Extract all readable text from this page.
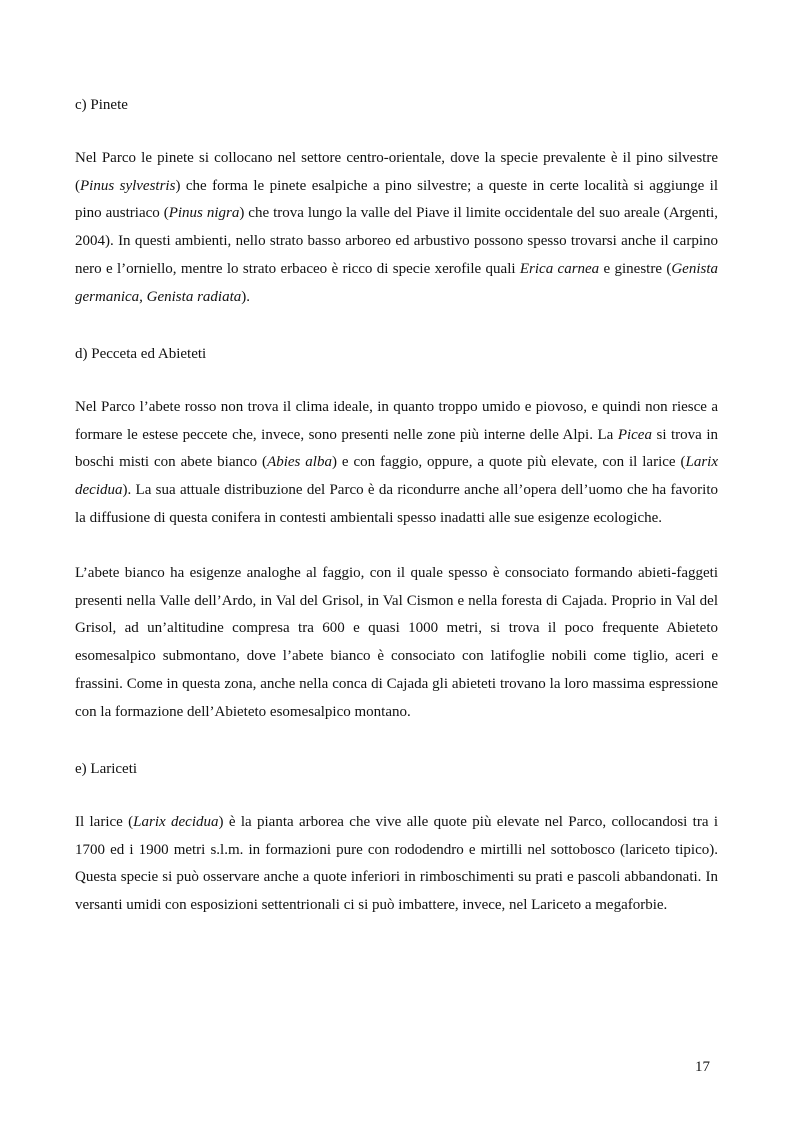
c) Pinete

Nel Parco le pinete si collocano nel settore centro-orientale, dove la specie prevalente è il pino silvestre (Pinus sylvestris) che forma le pinete esalpiche a pino silvestre; a queste in certe località si aggiunge il pino austriaco (Pinus nigra) che trova lungo la valle del Piave il limite occidentale del suo areale (Argenti, 2004). In questi ambienti, nello strato basso arboreo ed arbustivo possono spesso trovarsi anche il carpino nero e l’orniello, mentre lo strato erbaceo è ricco di specie xerofile quali Erica carnea e ginestre (Genista germanica, Genista radiata).

d) Pecceta ed Abieteti

Nel Parco l’abete rosso non trova il clima ideale, in quanto troppo umido e piovoso, e quindi non riesce a formare le estese peccete che, invece, sono presenti nelle zone più interne delle Alpi. La Picea si trova in boschi misti con abete bianco (Abies alba) e con faggio, oppure, a quote più elevate, con il larice (Larix decidua). La sua attuale distribuzione del Parco è da ricondurre anche all’opera dell’uomo che ha favorito la diffusione di questa conifera in contesti ambientali spesso inadatti alle sue esigenze ecologiche.

L’abete bianco ha esigenze analoghe al faggio, con il quale spesso è consociato formando abieti-faggeti presenti nella Valle dell’Ardo, in Val del Grisol, in Val Cismon e nella foresta di Cajada. Proprio in Val del Grisol, ad un’altitudine compresa tra 600 e quasi 1000 metri, si trova il poco frequente Abieteto esomesalpico submontano, dove l’abete bianco è consociato con latifoglie nobili come tiglio, aceri e frassini. Come in questa zona, anche nella conca di Cajada gli abieteti trovano la loro massima espressione con la formazione dell’Abieteto esomesalpico montano.

e) Lariceti

Il larice (Larix decidua) è la pianta arborea che vive alle quote più elevate nel Parco, collocandosi tra i 1700 ed i 1900 metri s.l.m. in formazioni pure con rododendro e mirtilli nel sottobosco (lariceto tipico). Questa specie si può osservare anche a quote inferiori in rimboschimenti su prati e pascoli abbandonati. In versanti umidi con esposizioni settentrionali ci si può imbattere, invece, nel Lariceto a megaforbie.

17
